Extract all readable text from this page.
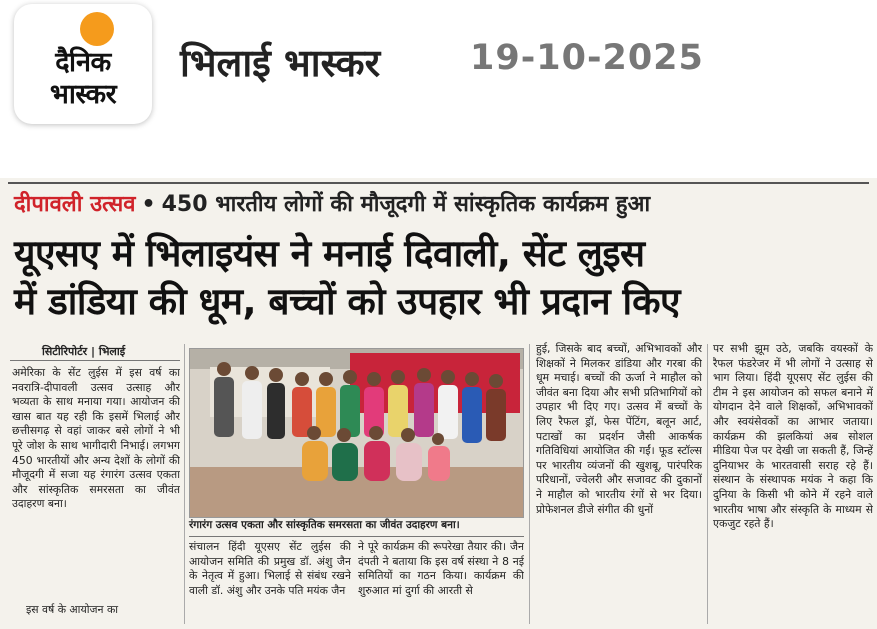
दैनिक
भास्कर
भिलाई भास्कर	19-10-2025
दीपावली उत्सव • 450 भारतीय लोगों की मौजूदगी में सांस्कृतिक कार्यक्रम हुआ
यूएसए में भिलाइयंस ने मनाई दिवाली, सेंट लुइस
में डांडिया की धूम, बच्चों को उपहार भी प्रदान किए
सिटीरिपोर्टर | भिलाई
अमेरिका के सेंट लुईस में इस वर्ष का नवरात्रि-दीपावली उत्सव उत्साह और भव्यता के साथ मनाया गया। आयोजन की खास बात यह रही कि इसमें भिलाई और छत्तीसगढ़ से वहां जाकर बसे लोगों ने भी पूरे जोश के साथ भागीदारी निभाई। लगभग 450 भारतीयों और अन्य देशों के लोगों की मौजूदगी में सजा यह रंगारंग उत्सव एकता और सांस्कृतिक समरसता का जीवंत उदाहरण बना।
इस वर्ष के आयोजन का
रंगारंग उत्सव एकता और सांस्कृतिक समरसता का जीवंत उदाहरण बना।
संचालन हिंदी यूएसए सेंट लुईस की आयोजन समिति की प्रमुख डॉ. अंशु जैन के नेतृत्व में हुआ। भिलाई से संबंध रखने वाली डॉ. अंशु और उनके पति मयंक जैन
ने पूरे कार्यक्रम की रूपरेखा तैयार की। जैन दंपती ने बताया कि इस वर्ष संस्था ने 8 नई समितियों का गठन किया। कार्यक्रम की शुरुआत मां दुर्गा की आरती से
हुई, जिसके बाद बच्चों, अभिभावकों और शिक्षकों ने मिलकर डांडिया और गरबा की धूम मचाई। बच्चों की ऊर्जा ने माहौल को जीवंत बना दिया और सभी प्रतिभागियों को उपहार भी दिए गए। उत्सव में बच्चों के लिए रैफल ड्रॉ, फेस पेंटिंग, बलून आर्ट, पटाखों का प्रदर्शन जैसी आकर्षक गतिविधियां आयोजित की गईं। फूड स्टॉल्स पर भारतीय व्यंजनों की खुशबू, पारंपरिक परिधानों, ज्वेलरी और सजावट की दुकानों ने माहौल को भारतीय रंगों से भर दिया। प्रोफेशनल डीजे संगीत की धुनों
पर सभी झूम उठे, जबकि वयस्कों के रैफल फंडरेजर में भी लोगों ने उत्साह से भाग लिया। हिंदी यूएसए सेंट लुईस की टीम ने इस आयोजन को सफल बनाने में योगदान देने वाले शिक्षकों, अभिभावकों और स्वयंसेवकों का आभार जताया। कार्यक्रम की झलकियां अब सोशल मीडिया पेज पर देखी जा सकती हैं, जिन्हें दुनियाभर के भारतवासी सराह रहे हैं। संस्थान के संस्थापक मयंक ने कहा कि दुनिया के किसी भी कोने में रहने वाले भारतीय भाषा और संस्कृति के माध्यम से एकजुट रहते हैं।
